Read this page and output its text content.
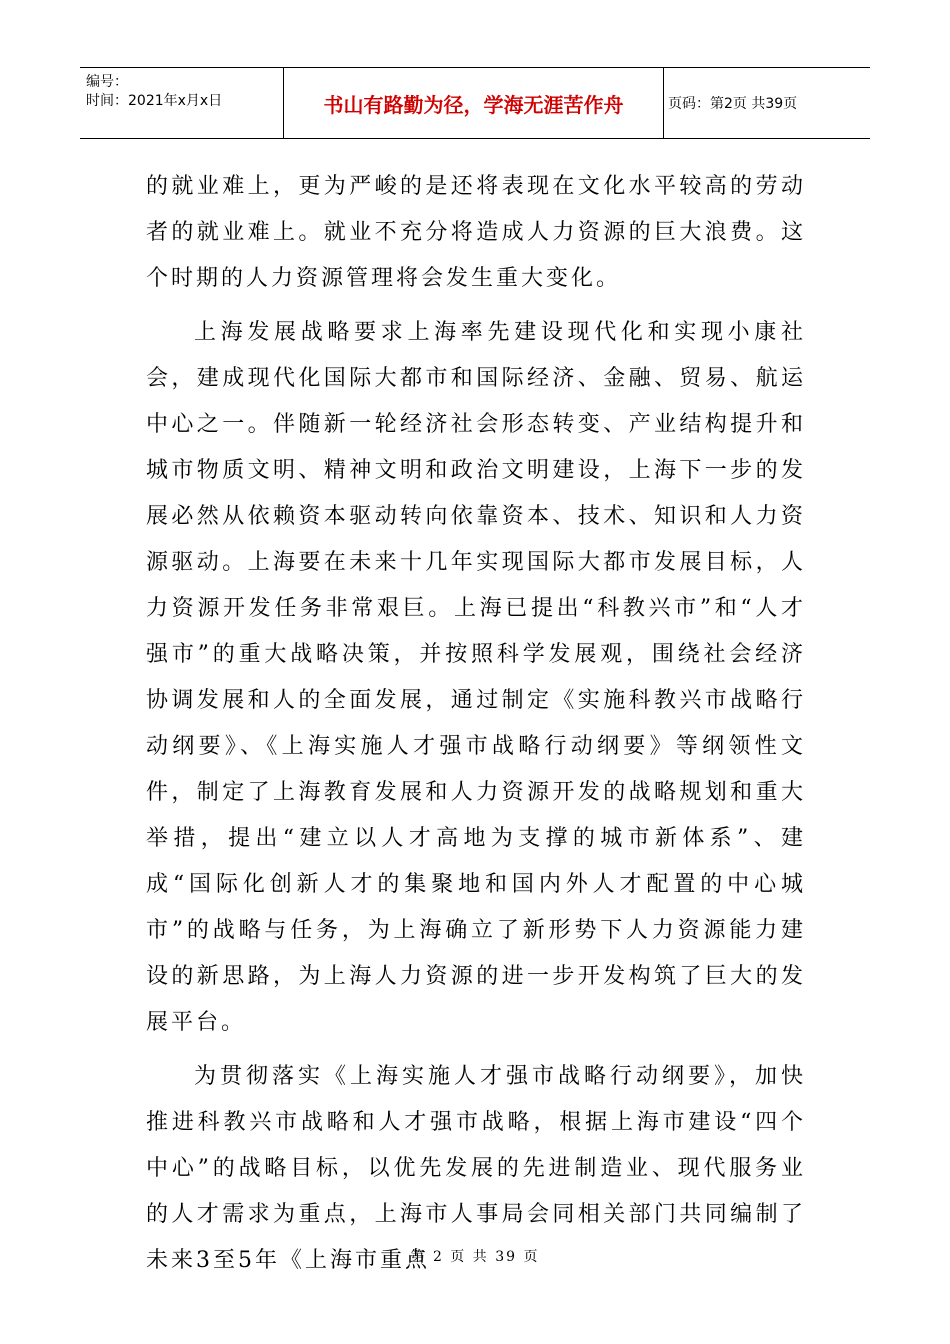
编号：
时间：2021年x月x日	书山有路勤为径，学海无涯苦作舟	页码：第2页 共39页

的就业难上，更为严峻的是还将表现在文化水平较高的劳动者的就业难上。就业不充分将造成人力资源的巨大浪费。这个时期的人力资源管理将会发生重大变化。

上海发展战略要求上海率先建设现代化和实现小康社会，建成现代化国际大都市和国际经济、金融、贸易、航运中心之一。伴随新一轮经济社会形态转变、产业结构提升和城市物质文明、精神文明和政治文明建设，上海下一步的发展必然从依赖资本驱动转向依靠资本、技术、知识和人力资源驱动。上海要在未来十几年实现国际大都市发展目标，人力资源开发任务非常艰巨。上海已提出“科教兴市”和“人才强市”的重大战略决策，并按照科学发展观，围绕社会经济协调发展和人的全面发展，通过制定《实施科教兴市战略行动纲要》、《上海实施人才强市战略行动纲要》等纲领性文件，制定了上海教育发展和人力资源开发的战略规划和重大举措，提出“建立以人才高地为支撑的城市新体系”、建成“国际化创新人才的集聚地和国内外人才配置的中心城市”的战略与任务，为上海确立了新形势下人力资源能力建设的新思路，为上海人力资源的进一步开发构筑了巨大的发展平台。

为贯彻落实《上海实施人才强市战略行动纲要》，加快推进科教兴市战略和人才强市战略，根据上海市建设“四个中心”的战略目标，以优先发展的先进制造业、现代服务业的人才需求为重点，上海市人事局会同相关部门共同编制了未来3至5年《上海市重点

第 2 页 共 39 页
